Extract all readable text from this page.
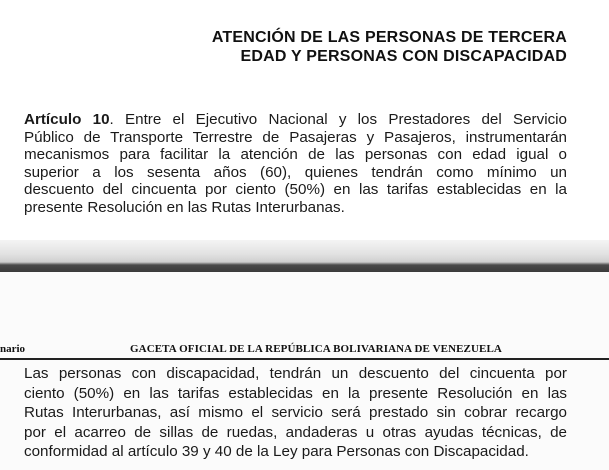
ATENCIÓN DE LAS PERSONAS DE TERCERA
EDAD Y PERSONAS CON DISCAPACIDAD
Artículo 10. Entre el Ejecutivo Nacional y los Prestadores del Servicio
Público de Transporte Terrestre de Pasajeras y Pasajeros, instrumentarán
mecanismos para facilitar la atención de las personas con edad igual o
superior a los sesenta años (60), quienes tendrán como mínimo un
descuento del cincuenta por ciento (50%) en las tarifas establecidas en la
presente Resolución en las Rutas Interurbanas.
nario	GACETA OFICIAL DE LA REPÚBLICA BOLIVARIANA DE VENEZUELA
Las personas con discapacidad, tendrán un descuento del cincuenta por
ciento (50%) en las tarifas establecidas en la presente Resolución en las
Rutas Interurbanas, así mismo el servicio será prestado sin cobrar recargo
por el acarreo de sillas de ruedas, andaderas u otras ayudas técnicas, de
conformidad al artículo 39 y 40 de la Ley para Personas con Discapacidad.
